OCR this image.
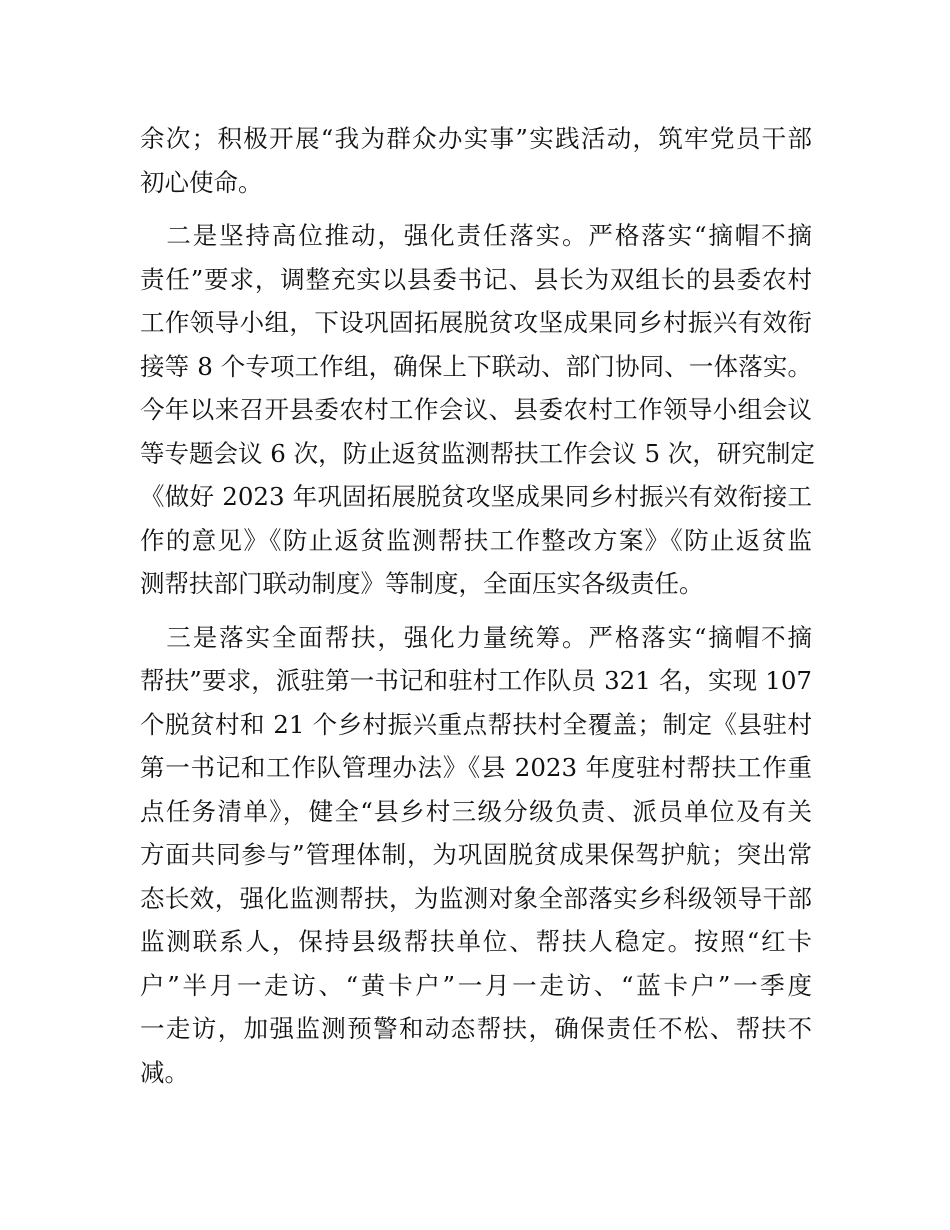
余次；积极开展“我为群众办实事”实践活动，筑牢党员干部
初心使命。
　二是坚持高位推动，强化责任落实。严格落实“摘帽不摘
责任”要求，调整充实以县委书记、县长为双组长的县委农村
工作领导小组，下设巩固拓展脱贫攻坚成果同乡村振兴有效衔
接等 8 个专项工作组，确保上下联动、部门协同、一体落实。
今年以来召开县委农村工作会议、县委农村工作领导小组会议
等专题会议 6 次，防止返贫监测帮扶工作会议 5 次，研究制定
《做好 2023 年巩固拓展脱贫攻坚成果同乡村振兴有效衔接工
作的意见》《防止返贫监测帮扶工作整改方案》《防止返贫监
测帮扶部门联动制度》等制度，全面压实各级责任。
　三是落实全面帮扶，强化力量统筹。严格落实“摘帽不摘
帮扶”要求，派驻第一书记和驻村工作队员 321 名，实现 107
个脱贫村和 21 个乡村振兴重点帮扶村全覆盖；制定《县驻村
第一书记和工作队管理办法》《县 2023 年度驻村帮扶工作重
点任务清单》，健全“县乡村三级分级负责、派员单位及有关
方面共同参与”管理体制，为巩固脱贫成果保驾护航；突出常
态长效，强化监测帮扶，为监测对象全部落实乡科级领导干部
监测联系人，保持县级帮扶单位、帮扶人稳定。按照“红卡
户”半月一走访、“黄卡户”一月一走访、“蓝卡户”一季度
一走访，加强监测预警和动态帮扶，确保责任不松、帮扶不
减。
